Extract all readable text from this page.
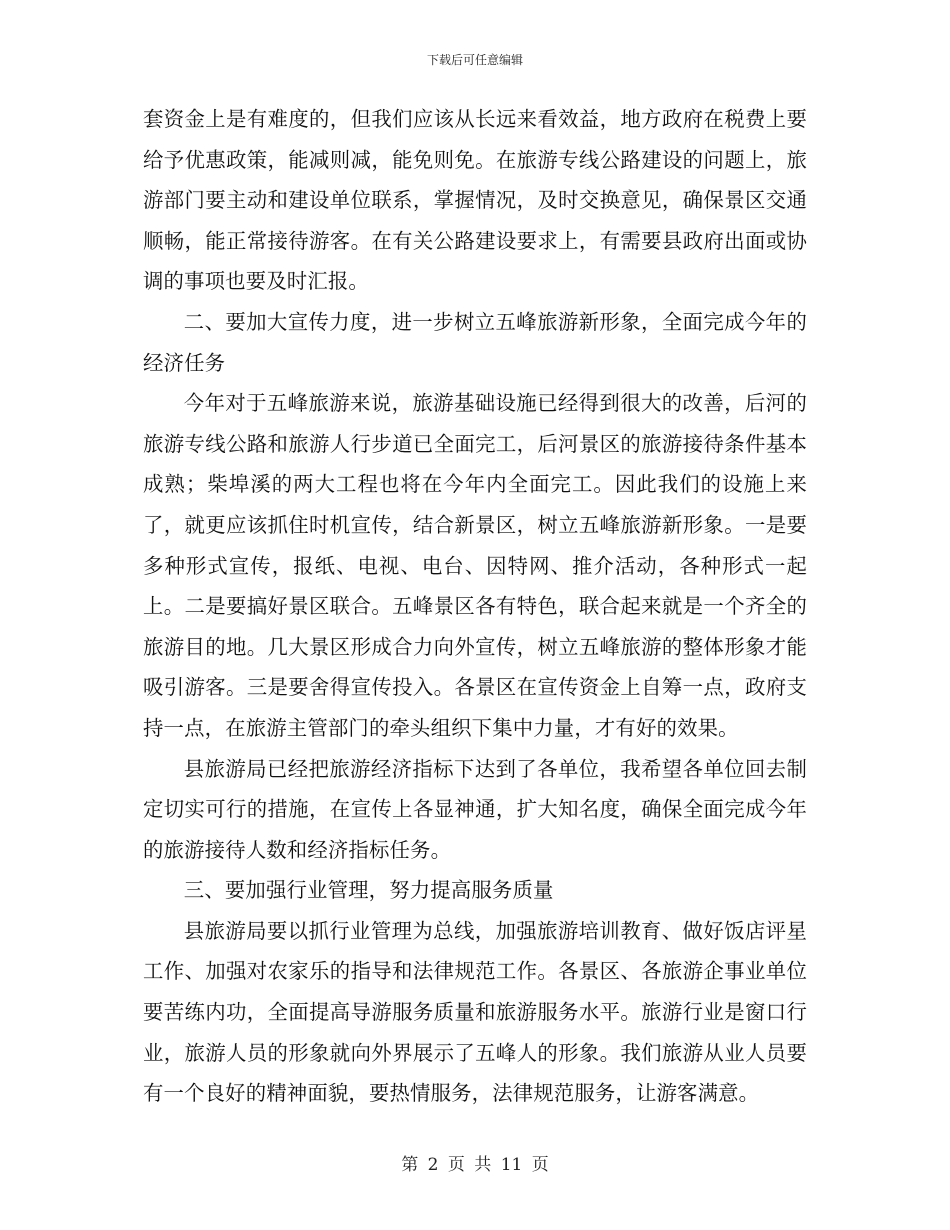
下载后可任意编辑

套资金上是有难度的，但我们应该从长远来看效益，地方政府在税费上要给予优惠政策，能减则减，能免则免。在旅游专线公路建设的问题上，旅游部门要主动和建设单位联系，掌握情况，及时交换意见，确保景区交通顺畅，能正常接待游客。在有关公路建设要求上，有需要县政府出面或协调的事项也要及时汇报。

二、要加大宣传力度，进一步树立五峰旅游新形象，全面完成今年的经济任务

今年对于五峰旅游来说，旅游基础设施已经得到很大的改善，后河的旅游专线公路和旅游人行步道已全面完工，后河景区的旅游接待条件基本成熟；柴埠溪的两大工程也将在今年内全面完工。因此我们的设施上来了，就更应该抓住时机宣传，结合新景区，树立五峰旅游新形象。一是要多种形式宣传，报纸、电视、电台、因特网、推介活动，各种形式一起上。二是要搞好景区联合。五峰景区各有特色，联合起来就是一个齐全的旅游目的地。几大景区形成合力向外宣传，树立五峰旅游的整体形象才能吸引游客。三是要舍得宣传投入。各景区在宣传资金上自筹一点，政府支持一点，在旅游主管部门的牵头组织下集中力量，才有好的效果。

县旅游局已经把旅游经济指标下达到了各单位，我希望各单位回去制定切实可行的措施，在宣传上各显神通，扩大知名度，确保全面完成今年的旅游接待人数和经济指标任务。

三、要加强行业管理，努力提高服务质量

县旅游局要以抓行业管理为总线，加强旅游培训教育、做好饭店评星工作、加强对农家乐的指导和法律规范工作。各景区、各旅游企事业单位要苦练内功，全面提高导游服务质量和旅游服务水平。旅游行业是窗口行业，旅游人员的形象就向外界展示了五峰人的形象。我们旅游从业人员要有一个良好的精神面貌，要热情服务，法律规范服务，让游客满意。

第 2 页 共 11 页
